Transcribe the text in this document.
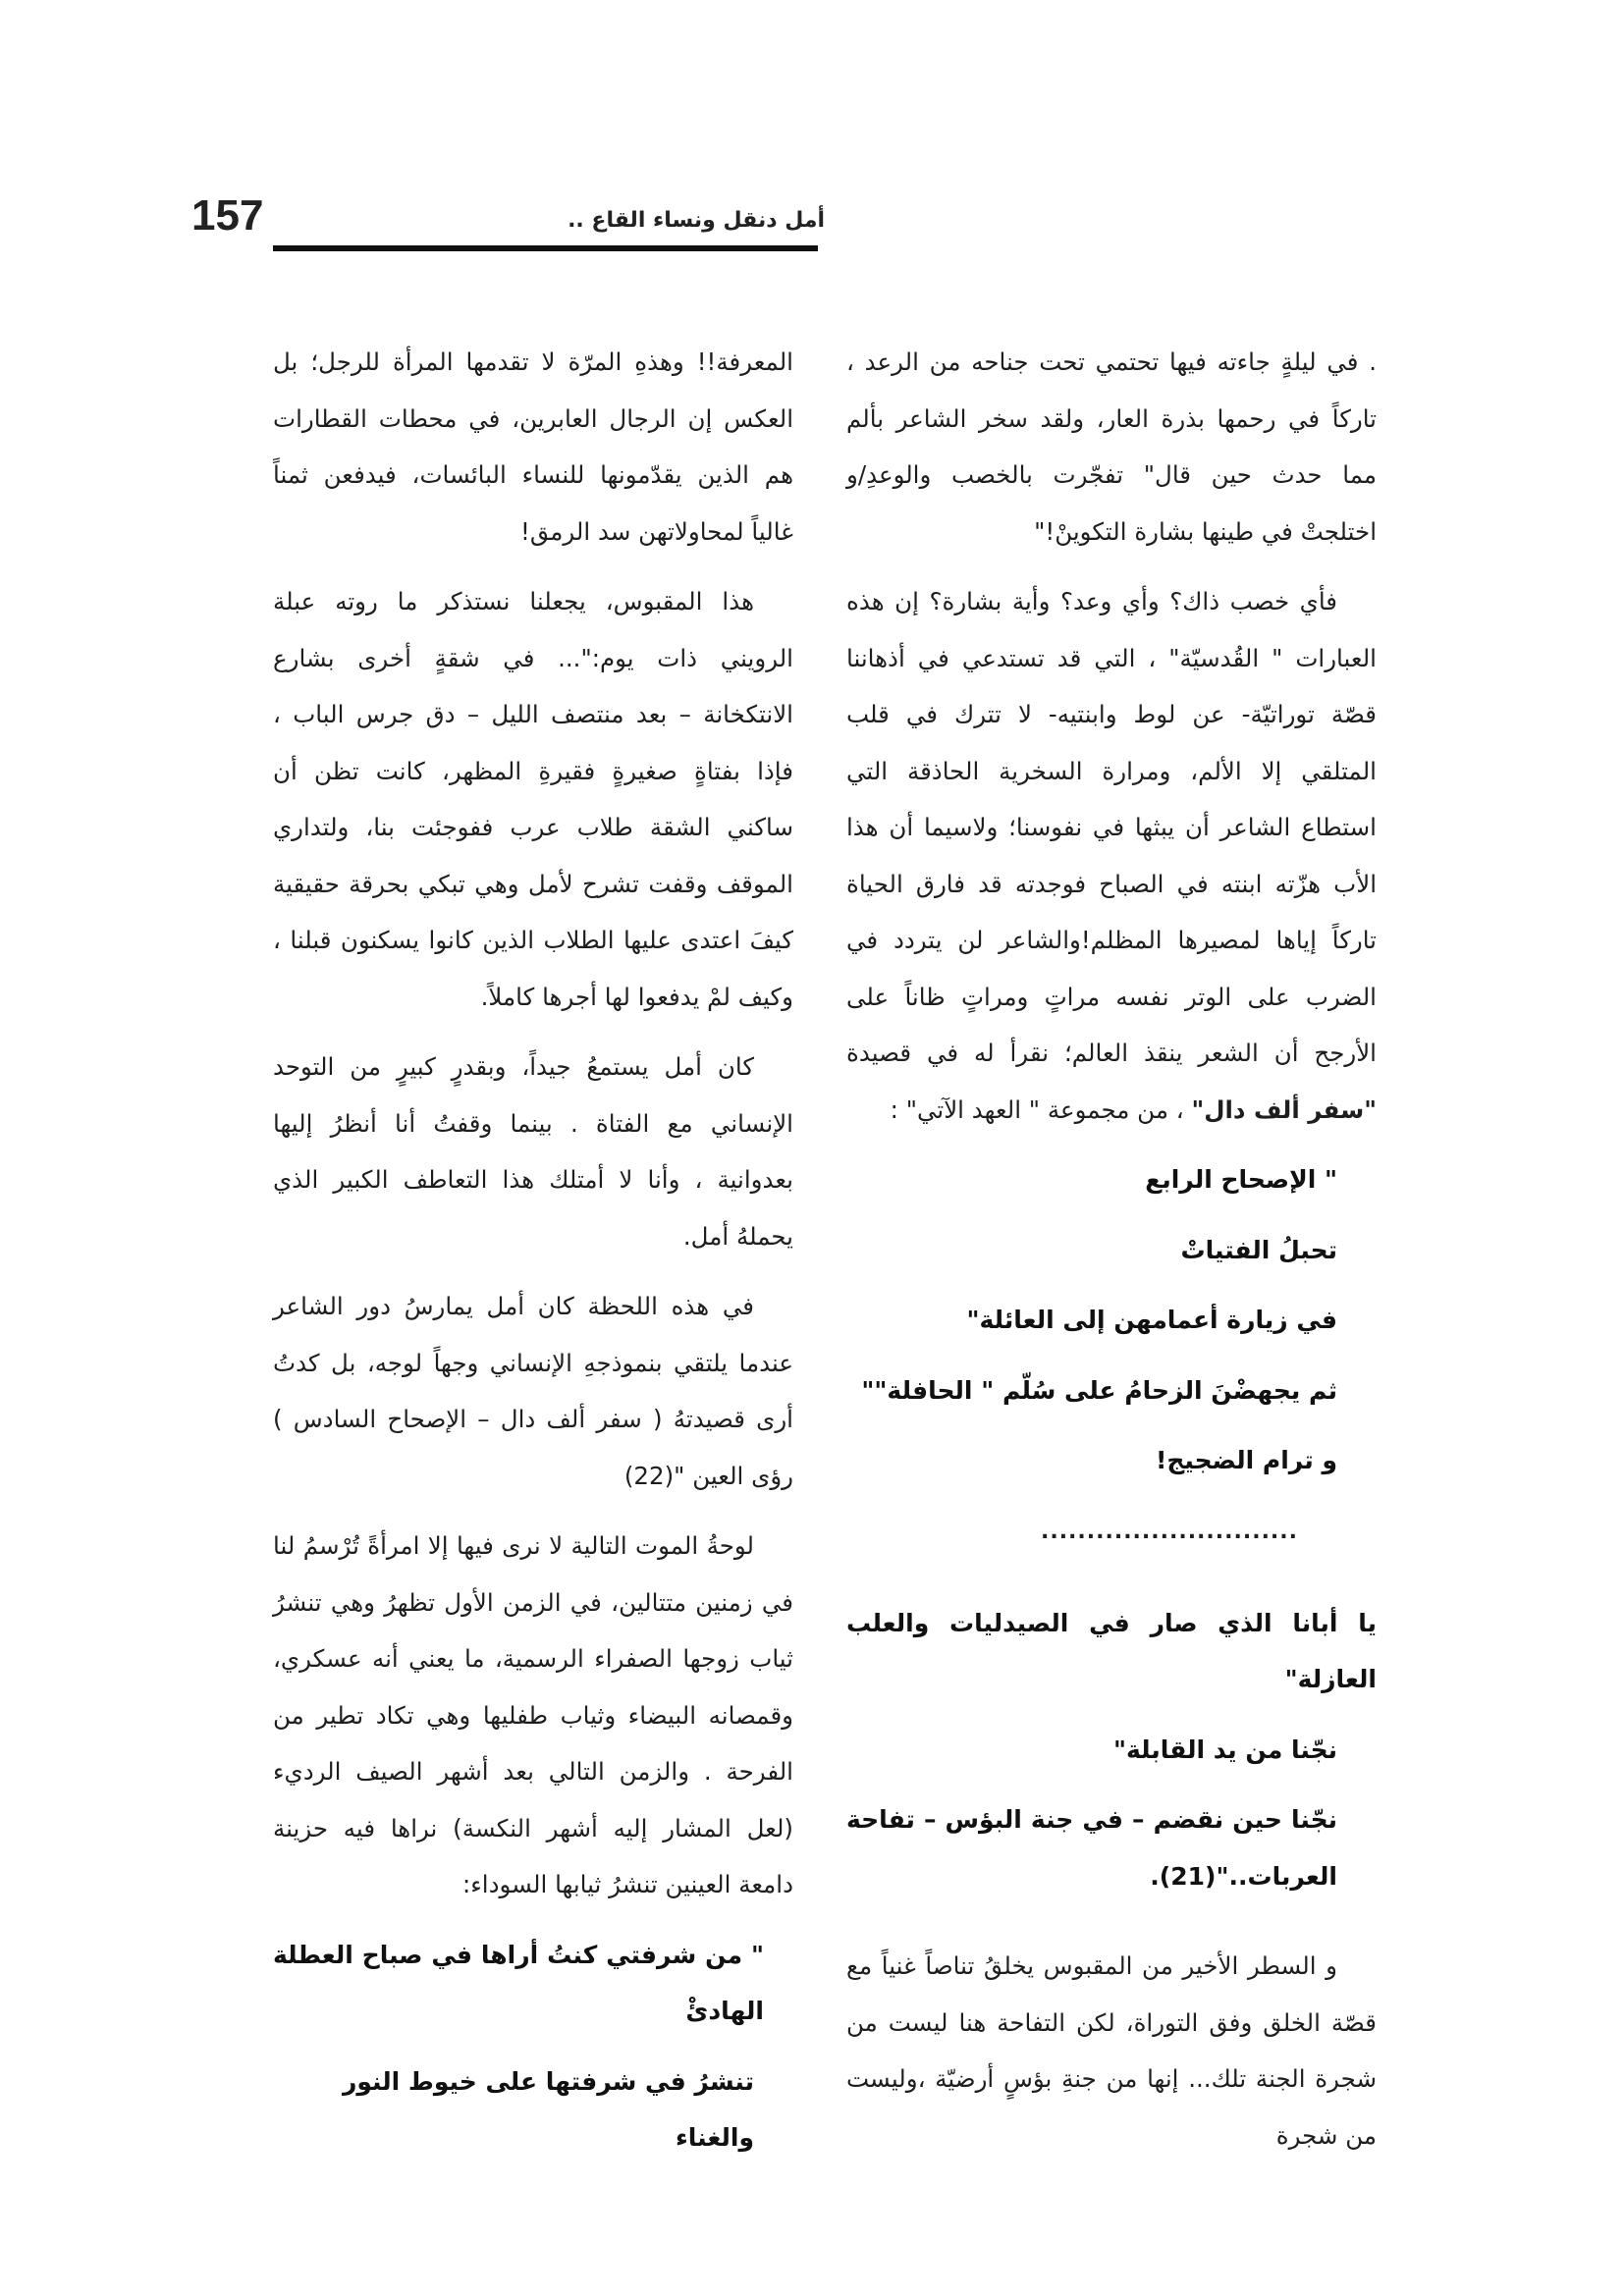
157	أمل دنقل ونساء القاع ..

. في ليلةٍ جاءته فيها تحتمي تحت جناحه من الرعد ، تاركاً في رحمها بذرة العار، ولقد سخر الشاعر بألم مما حدث حين قال" تفجّرت بالخصب والوعدِ/و اختلجتْ في طينها بشارة التكوينْ!"

فأي خصب ذاك؟ وأي وعد؟ وأية بشارة؟ إن هذه العبارات " القُدسيّة" ، التي قد تستدعي في أذهاننا قصّة توراتيّة- عن لوط وابنتيه- لا تترك في قلب المتلقي إلا الألم، ومرارة السخرية الحاذقة التي استطاع الشاعر أن يبثها في نفوسنا؛ ولاسيما أن هذا الأب هزّته ابنته في الصباح فوجدته قد فارق الحياة تاركاً إياها لمصيرها المظلم!والشاعر لن يتردد في الضرب على الوتر نفسه مراتٍ ومراتٍ ظاناً على الأرجح أن الشعر ينقذ العالم؛ نقرأ له في قصيدة "سفر ألف دال" ، من مجموعة " العهد الآتي" :

" الإصحاح الرابع

تحبلُ الفتياتْ

في زيارة أعمامهن إلى العائلة"

ثم يجهضْنَ الزحامُ على سُلّم " الحافلة""

و ترام الضجيج!

............................

يا أبانا الذي صار في الصيدليات والعلب العازلة"

نجّنا من يد القابلة"

نجّنا حين نقضم – في جنة البؤس – تفاحة العربات.."(21).

و السطر الأخير من المقبوس يخلقُ تناصاً غنياً مع قصّة الخلق وفق التوراة، لكن التفاحة هنا ليست من شجرة الجنة تلك... إنها من جنةِ بؤسٍ أرضيّة ،وليست من شجرة

المعرفة!! وهذهِ المرّة لا تقدمها المرأة للرجل؛ بل العكس إن الرجال العابرين، في محطات القطارات هم الذين يقدّمونها للنساء البائسات، فيدفعن ثمناً غالياً لمحاولاتهن سد الرمق!

هذا المقبوس، يجعلنا نستذكر ما روته عبلة الرويني ذات يوم:"... في شقةٍ أخرى بشارع الانتكخانة – بعد منتصف الليل – دق جرس الباب ، فإذا بفتاةٍ صغيرةٍ فقيرةِ المظهر، كانت تظن أن ساكني الشقة طلاب عرب ففوجئت بنا، ولتداري الموقف وقفت تشرح لأمل وهي تبكي بحرقة حقيقية كيفَ اعتدى عليها الطلاب الذين كانوا يسكنون قبلنا ، وكيف لمْ يدفعوا لها أجرها كاملاً.

كان أمل يستمعُ جيداً، وبقدرٍ كبيرٍ من التوحد الإنساني مع الفتاة . بينما وقفتُ أنا أنظرُ إليها بعدوانية ، وأنا لا أمتلك هذا التعاطف الكبير الذي يحملهُ أمل.

في هذه اللحظة كان أمل يمارسُ دور الشاعر عندما يلتقي بنموذجهِ الإنساني وجهاً لوجه، بل كدتُ أرى قصيدتهُ ( سفر ألف دال – الإصحاح السادس ) رؤى العين "(22)

لوحةُ الموت التالية لا نرى فيها إلا امرأةً تُرْسمُ لنا في زمنين متتالين، في الزمن الأول تظهرُ وهي تنشرُ ثياب زوجها الصفراء الرسمية، ما يعني أنه عسكري، وقمصانه البيضاء وثياب طفليها وهي تكاد تطير من الفرحة . والزمن التالي بعد أشهر الصيف الرديء (لعل المشار إليه أشهر النكسة) نراها فيه حزينة دامعة العينين تنشرُ ثيابها السوداء:

" من شرفتي كنتُ أراها في صباح العطلة الهادئْ

تنشرُ في شرفتها على خيوط النور والغناء
